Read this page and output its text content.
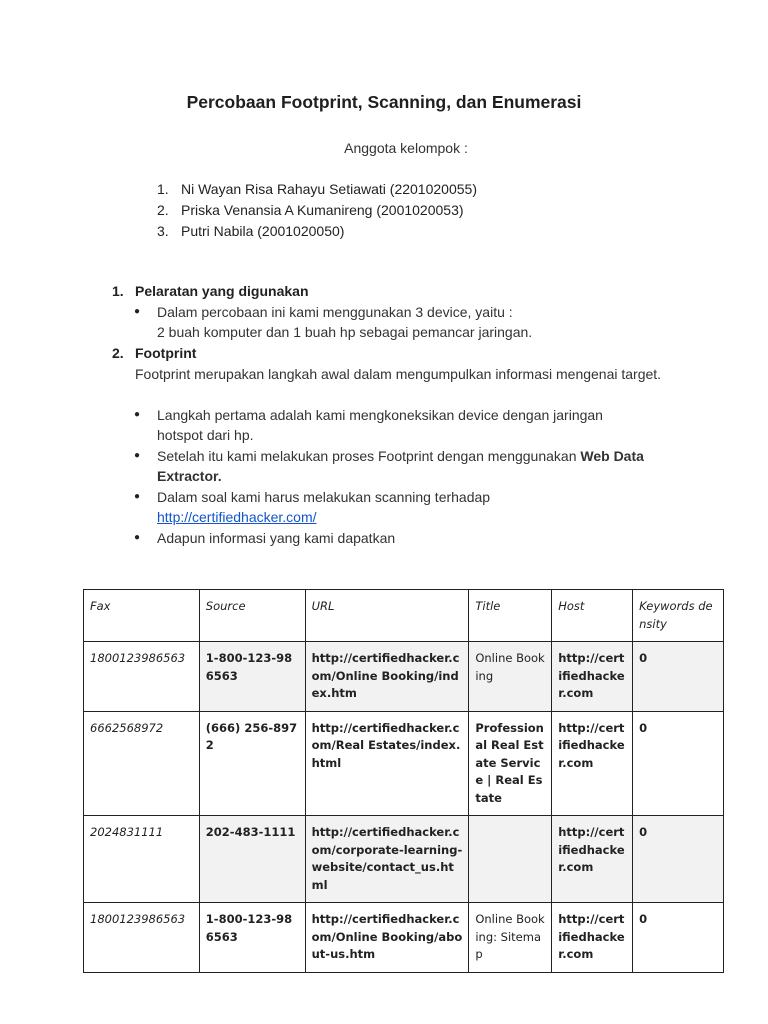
Percobaan Footprint, Scanning, dan Enumerasi
Anggota kelompok :
1. Ni Wayan Risa Rahayu Setiawati (2201020055)
2. Priska Venansia A Kumanireng (2001020053)
3. Putri Nabila (2001020050)
1. Pelaratan yang digunakan
●	Dalam percobaan ini kami menggunakan 3 device, yaitu :
2 buah komputer dan 1 buah hp sebagai pemancar jaringan.
2. Footprint
Footprint merupakan langkah awal dalam mengumpulkan informasi mengenai target.
●	Langkah pertama adalah kami mengkoneksikan device dengan jaringan hotspot dari hp.
●	Setelah itu kami melakukan proses Footprint dengan menggunakan Web Data Extractor.
●	Dalam soal kami harus melakukan scanning terhadap
http://certifiedhacker.com/
●	Adapun informasi yang kami dapatkan
Fax	Source	URL	Title	Host	Keywords density
1800123986563	1-800-123-986563	http://certifiedhacker.com/Online Booking/index.htm	Online Booking	http://certifiedhacker.com	0
6662568972	(666) 256-8972	http://certifiedhacker.com/Real Estates/index.html	Professional Real Estate Service | Real Estate	http://certifiedhacker.com	0
2024831111	202-483-1111	http://certifiedhacker.com/corporate-learning-website/contact_us.html		http://certifiedhacker.com	0
1800123986563	1-800-123-986563	http://certifiedhacker.com/Online Booking/about-us.htm	Online Booking: Sitemap	http://certifiedhacker.com	0
